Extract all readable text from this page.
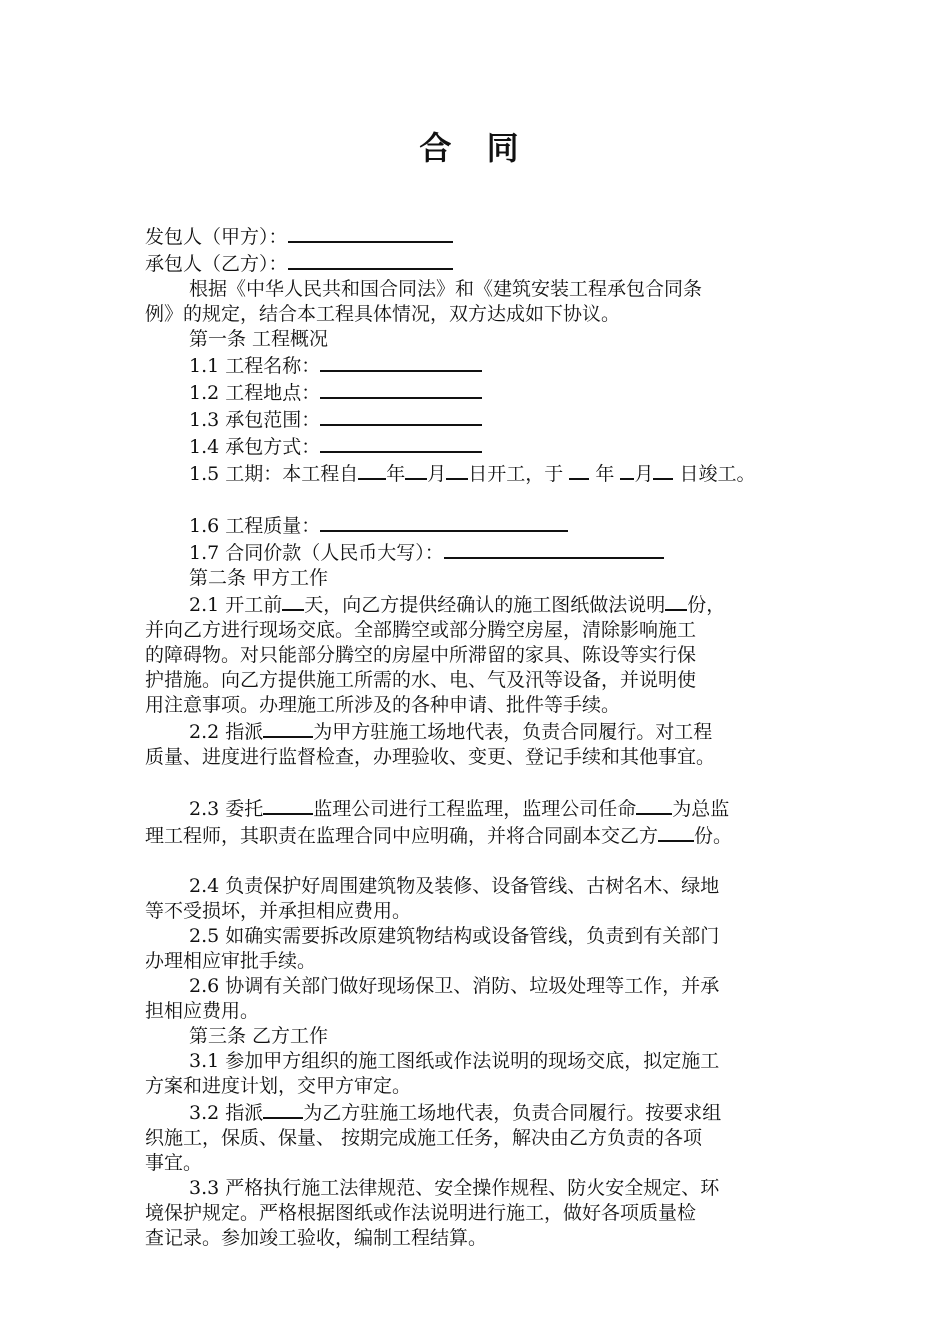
合 同

发包人（甲方）：

承包人（乙方）：

根据《中华人民共和国合同法》和《建筑安装工程承包合同条

例》的规定，结合本工程具体情况，双方达成如下协议。

第一条 工程概况

1.1 工程名称：

1.2 工程地点：

1.3 承包范围：

1.4 承包方式：

1.5 工期：本工程自 年 月 日开工，于  年 月 日竣工。

1.6 工程质量：

1.7 合同价款（人民币大写）：

第二条 甲方工作

2.1 开工前 天，向乙方提供经确认的施工图纸做法说明 份，

并向乙方进行现场交底。全部腾空或部分腾空房屋，清除影响施工

的障碍物。对只能部分腾空的房屋中所滞留的家具、陈设等实行保

护措施。向乙方提供施工所需的水、电、气及汛等设备，并说明使

用注意事项。办理施工所涉及的各种申请、批件等手续。

2.2 指派	为甲方驻施工场地代表，负责合同履行。对工程

质量、进度进行监督检查，办理验收、变更、登记手续和其他事宜。

2.3 委托	监理公司进行工程监理，监理公司任命 为总监

理工程师，其职责在监理合同中应明确，并将合同副本交乙方 份。

2.4 负责保护好周围建筑物及装修、设备管线、古树名木、绿地

等不受损坏，并承担相应费用。

2.5 如确实需要拆改原建筑物结构或设备管线，负责到有关部门

办理相应审批手续。

2.6 协调有关部门做好现场保卫、消防、垃圾处理等工作，并承

担相应费用。

第三条 乙方工作

3.1 参加甲方组织的施工图纸或作法说明的现场交底，拟定施工

方案和进度计划，交甲方审定。

3.2 指派 为乙方驻施工场地代表，负责合同履行。按要求组

织施工，保质、保量、 按期完成施工任务，解决由乙方负责的各项

事宜。

3.3 严格执行施工法律规范、安全操作规程、防火安全规定、环

境保护规定。严格根据图纸或作法说明进行施工，做好各项质量检

查记录。参加竣工验收，编制工程结算。
